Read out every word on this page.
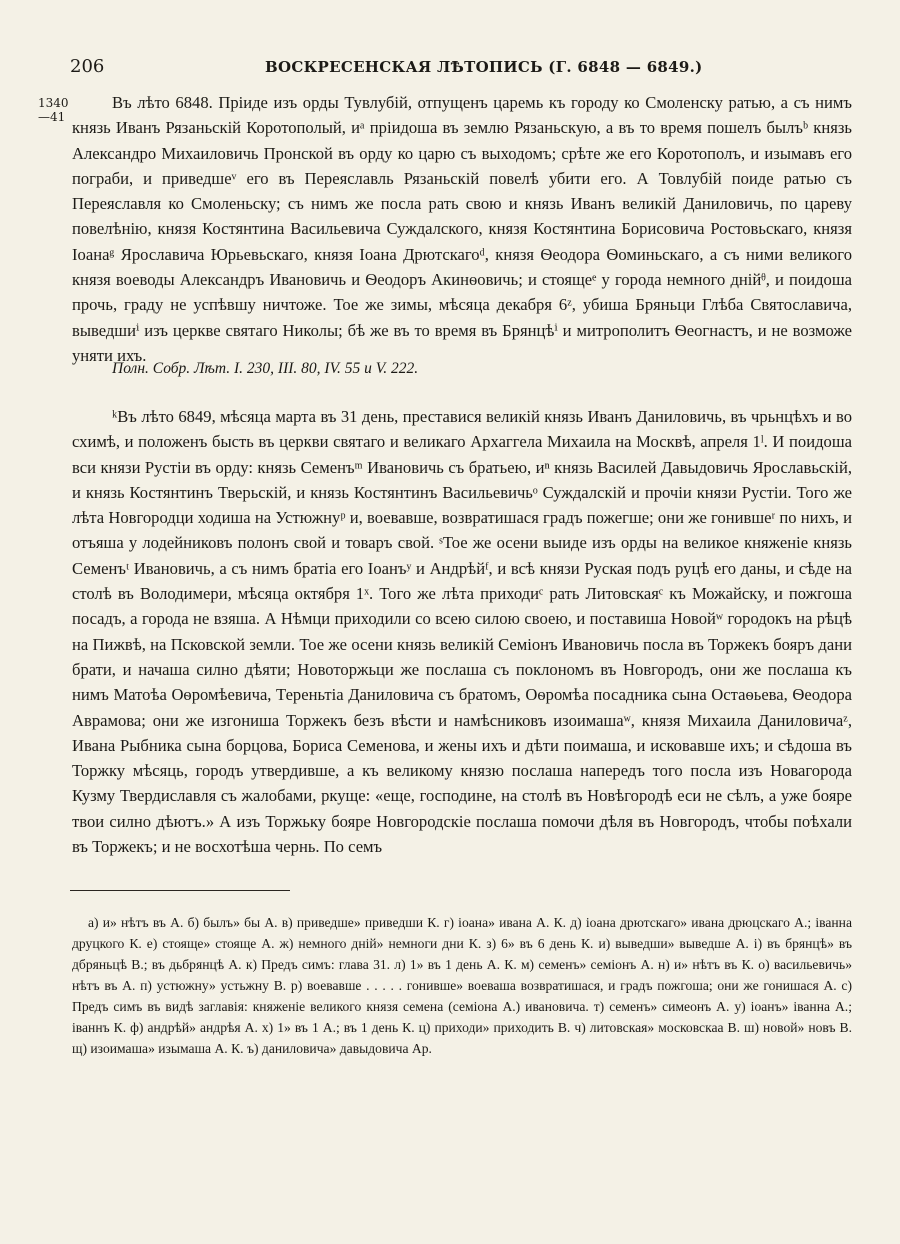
206	ВОСКРЕСЕНСКАЯ ЛѢТОПИСЬ (Г. 6848 — 6849.)
1340
—41

Въ лѣто 6848. Пріиде изъ орды Тувлубій, отпущенъ царемь къ городу ко Смоленску ратью, а съ нимъ князь Иванъ Рязаньскій Коротополый, иᵃ пріидоша въ землю Рязаньскую, а въ то время пошелъ былъᵇ князь Александро Михаиловичь Пронской въ орду ко царю съ выходомъ; срѣте же его Коротополъ, и изымавъ его пограби, и приведшеᵛ его въ Переяславль Рязаньскій повелѣ убити его. А Товлубій поиде ратью съ Переяславля ко Смоленьску; съ нимъ же посла рать свою и князь Иванъ великій Даниловичь, по цареву повелѣнію, князя Костянтина Васильевича Суждалского, князя Костянтина Борисовича Ростовьскаго, князя Іоанаᵍ Ярославича Юрьевьскаго, князя Іоана Дрютскагоᵈ, князя Ѳеодора Ѳоминьскаго, а съ ними великого князя воеводы Александръ Ивановичь и Ѳеодоръ Акинѳовичь; и стоящеᵉ у города немного днійᶿ, и поидоша прочь, граду не успѣвшу ничтоже. Тое же зимы, мѣсяца декабря 6ᶻ, убиша Бряньци Глѣба Святославича, выведшиⁱ изъ церкве святаго Николы; бѣ же въ то время въ Брянцѣⁱ и митрополитъ Ѳеогнастъ, и не возможе уняти ихъ.

Полн. Собр. Лѣт. I. 230, III. 80, IV. 55 и V. 222.

ᵏВъ лѣто 6849, мѣсяца марта въ 31 день, преставися великій князь Иванъ Даниловичь, въ чрьнцѣхъ и во схимѣ, и положенъ бысть въ церкви святаго и великаго Архаггела Михаила на Москвѣ, апреля 1ˡ. И поидоша вси князи Рустіи въ орду: князь Семенъᵐ Ивановичь съ братьею, иⁿ князь Василей Давыдовичь Ярославьскій, и князь Костянтинъ Тверьскій, и князь Костянтинъ Васильевичьᵒ Суждалскій и прочіи князи Рустіи. Того же лѣта Новгородци ходиша на Устюжнуᵖ и, воевавше, возвратишася градъ пожегше; они же гонившеʳ по нихъ, и отъяша у лодейниковъ полонъ свой и товаръ свой. ˢТое же осени выиде изъ орды на великое княженіе князь Семенъᵗ Ивановичь, а съ нимъ братіа его Іоанъʸ и Андрѣйᶠ, и всѣ князи Руская подъ руцѣ его даны, и сѣде на столѣ въ Володимери, мѣсяца октября 1ˣ. Того же лѣта приходиᶜ рать Литовскаяᶜ къ Можайску, и пожгоша посадъ, а города не взяша. А Нѣмци приходили со всею силою своею, и поставиша Новойʷ городокъ на рѣцѣ на Пижвѣ, на Псковской земли. Тое же осени князь великій Семіонъ Ивановичь посла въ Торжекъ бояръ дани брати, и начаша силно дѣяти; Новоторжьци же послаша съ поклономъ въ Новгородъ, они же послаша къ нимъ Матоѣа Оѳромѣевича, Тереньтіа Даниловича съ братомъ, Оѳромѣа посадника сына Остаѳьева, Ѳеодора Аврамова; они же изгониша Торжекъ безъ вѣсти и намѣсниковъ изоимашаʷ, князя Михаила Даниловичаᶻ, Ивана Рыбника сына борцова, Бориса Семенова, и жены ихъ и дѣти поимаша, и исковавше ихъ; и сѣдоша въ Торжку мѣсяць, городъ утвердивше, а къ великому князю послаша напередъ того посла изъ Новагорода Кузму Твердиславля съ жалобами, ркуще: «еще, господине, на столѣ въ Новѣгородѣ еси не сѣлъ, а уже бояре твои силно дѣютъ.» А изъ Торжьку бояре Новгородскіе послаша помочи дѣля въ Новгородъ, чтобы поѣхали въ Торжекъ; и не восхотѣша чернь. По семъ

а) и» нѣтъ въ А. б) былъ» бы А. в) приведше» приведши К. г) іоана» ивана А. К. д) іоана дрютскаго» ивана дрюцскаго А.; іванна друцкого К. е) стояще» стояще А. ж) немного дній» немноги дни К. з) 6» въ 6 день К. и) выведши» выведше А. і) въ брянцѣ» въ дбряньцѣ В.; въ дьбрянцѣ А. к) Предъ симъ: глава 31. л) 1» въ 1 день А. К. м) семенъ» семіонъ А. н) и» нѣтъ въ К. о) васильевичь» нѣтъ въ А. п) устюжну» устьжну В. р) воевавше . . . . . гонивше» воеваша возвратишася, и градъ пожгоша; они же гонишася А. с) Предъ симъ въ видѣ заглавія: княженіе великого князя семена (семіона А.) ивановича. т) семенъ» симеонъ А. у) іоанъ» іванна А.; іваннъ К. ф) андрѣй» андрѣя А. х) 1» въ 1 А.; въ 1 день К. ц) приходи» приходить В. ч) литовская» московскаа В. ш) новой» новъ В. щ) изоимаша» изымаша А. К. ъ) даниловича» давыдовича Ар.
